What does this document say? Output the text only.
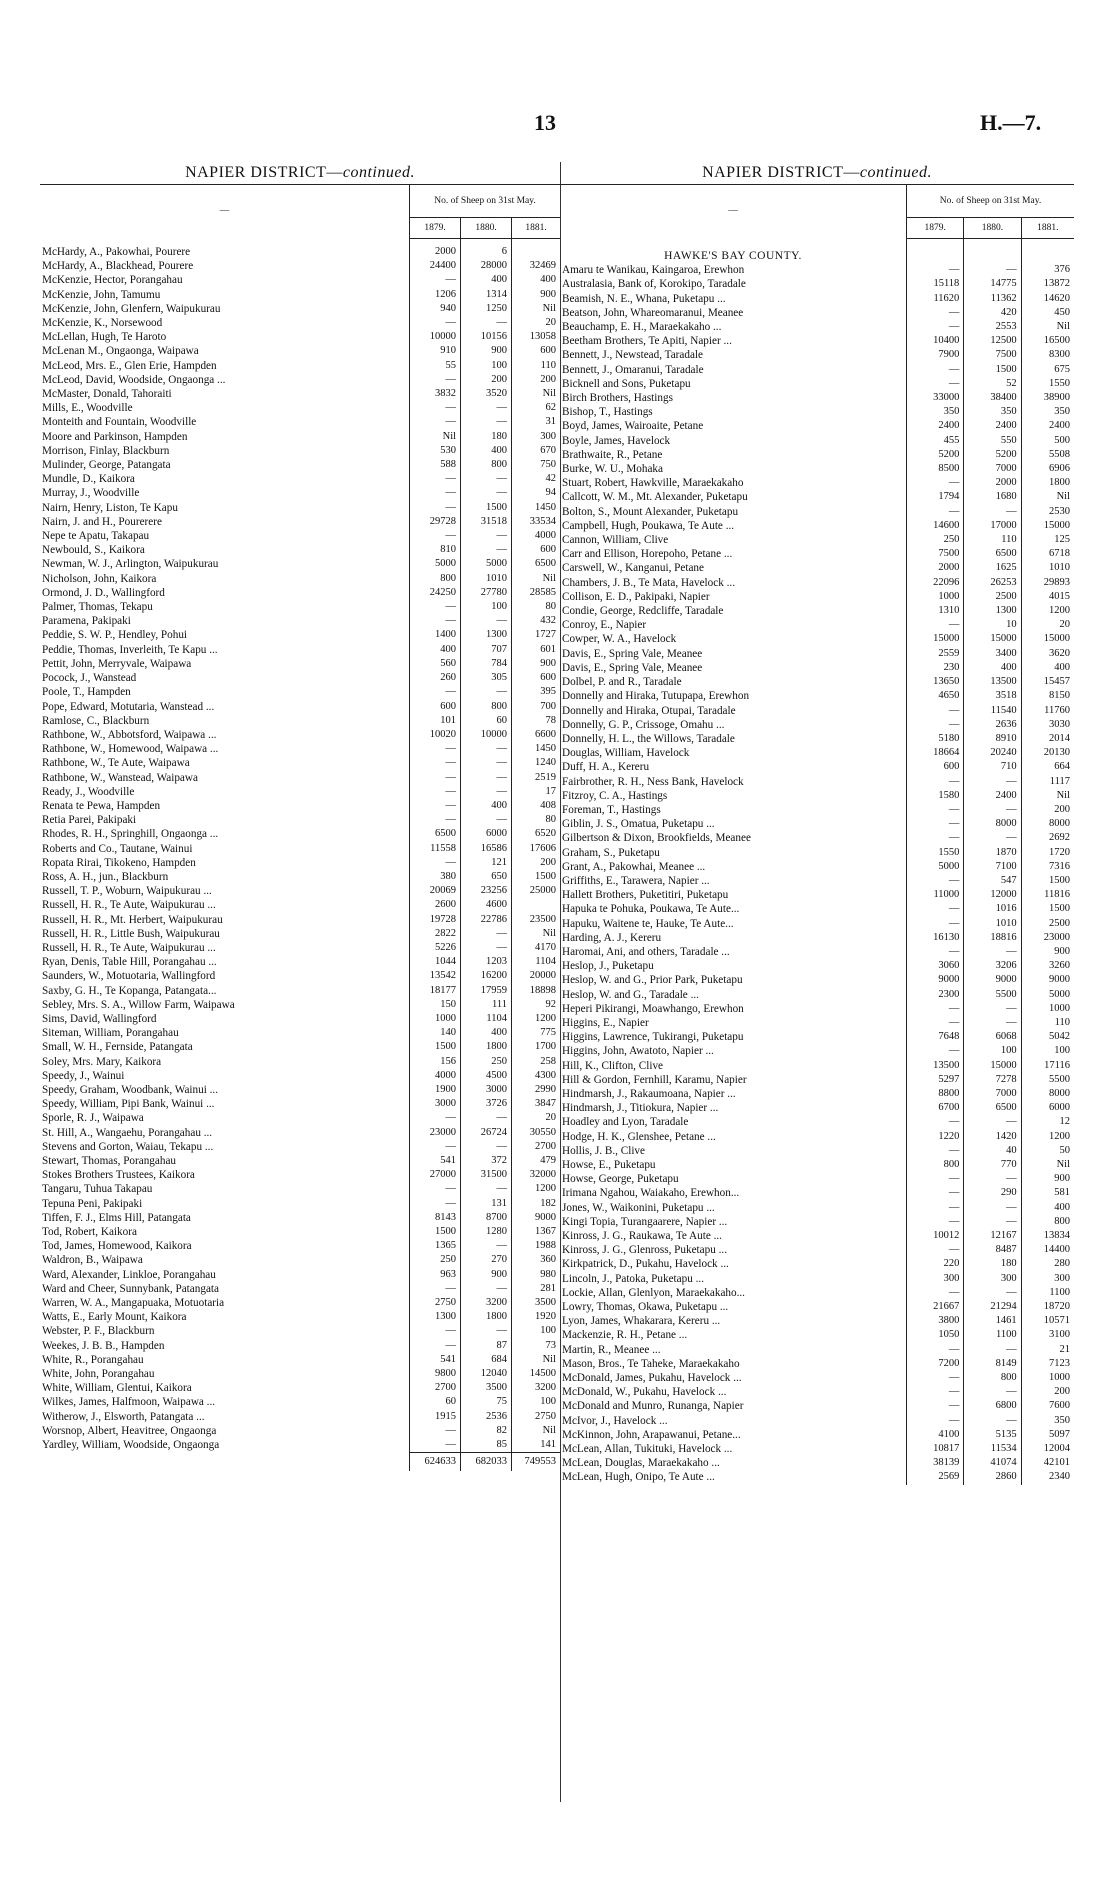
13	H.—7.
NAPIER DISTRICT—continued.
—	No. of Sheep on 31st May.		
	1879.	1880.	1881.

McHardy, A., Pakowhai, Pourere	2000	6	
McHardy, A., Blackhead, Pourere	24400	28000	32469
McKenzie, Hector, Porangahau	—	400	400
McKenzie, John, Tamumu	1206	1314	900
McKenzie, John, Glenfern, Waipukurau	940	1250	Nil
McKenzie, K., Norsewood	—	—	20
McLellan, Hugh, Te Haroto	10000	10156	13058
McLenan M., Ongaonga, Waipawa	910	900	600
McLeod, Mrs. E., Glen Erie, Hampden	55	100	110
McLeod, David, Woodside, Ongaonga ...	—	200	200
McMaster, Donald, Tahoraiti	3832	3520	Nil
Mills, E., Woodville	—	—	62
Monteith and Fountain, Woodville	—	—	31
Moore and Parkinson, Hampden	Nil	180	300
Morrison, Finlay, Blackburn	530	400	670
Mulinder, George, Patangata	588	800	750
Mundle, D., Kaikora	—	—	42
Murray, J., Woodville	—	—	94
Nairn, Henry, Liston, Te Kapu	—	1500	1450
Nairn, J. and H., Pourerere	29728	31518	33534
Nepe te Apatu, Takapau	—	—	4000
Newbould, S., Kaikora	810	—	600
Newman, W. J., Arlington, Waipukurau	5000	5000	6500
Nicholson, John, Kaikora	800	1010	Nil
Ormond, J. D., Wallingford	24250	27780	28585
Palmer, Thomas, Tekapu	—	100	80
Paramena, Pakipaki	—	—	432
Peddie, S. W. P., Hendley, Pohui	1400	1300	1727
Peddie, Thomas, Inverleith, Te Kapu ...	400	707	601
Pettit, John, Merryvale, Waipawa	560	784	900
Pocock, J., Wanstead	260	305	600
Poole, T., Hampden	—	—	395
Pope, Edward, Motutaria, Wanstead ...	600	800	700
Ramlose, C., Blackburn	101	60	78
Rathbone, W., Abbotsford, Waipawa ...	10020	10000	6600
Rathbone, W., Homewood, Waipawa ...	—	—	1450
Rathbone, W., Te Aute, Waipawa	—	—	1240
Rathbone, W., Wanstead, Waipawa	—	—	2519
Ready, J., Woodville	—	—	17
Renata te Pewa, Hampden	—	400	408
Retia Parei, Pakipaki	—	—	80
Rhodes, R. H., Springhill, Ongaonga ...	6500	6000	6520
Roberts and Co., Tautane, Wainui	11558	16586	17606
Ropata Rirai, Tikokeno, Hampden	—	121	200
Ross, A. H., jun., Blackburn	380	650	1500
Russell, T. P., Woburn, Waipukurau ...	20069	23256	25000
Russell, H. R., Te Aute, Waipukurau ...	2600	4600	
Russell, H. R., Mt. Herbert, Waipukurau	19728	22786	23500
Russell, H. R., Little Bush, Waipukurau	2822	—	Nil
Russell, H. R., Te Aute, Waipukurau ...	5226	—	4170
Ryan, Denis, Table Hill, Porangahau ...	1044	1203	1104
Saunders, W., Motuotaria, Wallingford	13542	16200	20000
Saxby, G. H., Te Kopanga, Patangata...	18177	17959	18898
Sebley, Mrs. S. A., Willow Farm, Waipawa	150	111	92
Sims, David, Wallingford	1000	1104	1200
Siteman, William, Porangahau	140	400	775
Small, W. H., Fernside, Patangata	1500	1800	1700
Soley, Mrs. Mary, Kaikora	156	250	258
Speedy, J., Wainui	4000	4500	4300
Speedy, Graham, Woodbank, Wainui ...	1900	3000	2990
Speedy, William, Pipi Bank, Wainui ...	3000	3726	3847
Sporle, R. J., Waipawa	—	—	20
St. Hill, A., Wangaehu, Porangahau ...	23000	26724	30550
Stevens and Gorton, Waiau, Tekapu ...	—	—	2700
Stewart, Thomas, Porangahau	541	372	479
Stokes Brothers Trustees, Kaikora	27000	31500	32000
Tangaru, Tuhua Takapau	—	—	1200
Tepuna Peni, Pakipaki	—	131	182
Tiffen, F. J., Elms Hill, Patangata	8143	8700	9000
Tod, Robert, Kaikora	1500	1280	1367
Tod, James, Homewood, Kaikora	1365	—	1988
Waldron, B., Waipawa	250	270	360
Ward, Alexander, Linkloe, Porangahau	963	900	980
Ward and Cheer, Sunnybank, Patangata	—	—	281
Warren, W. A., Mangapuaka, Motuotaria	2750	3200	3500
Watts, E., Early Mount, Kaikora	1300	1800	1920
Webster, P. F., Blackburn	—	—	100
Weekes, J. B. B., Hampden	—	87	73
White, R., Porangahau	541	684	Nil
White, John, Porangahau	9800	12040	14500
White, William, Glentui, Kaikora	2700	3500	3200
Wilkes, James, Halfmoon, Waipawa ...	60	75	100
Witherow, J., Elsworth, Patangata ...	1915	2536	2750
Worsnop, Albert, Heavitree, Ongaonga	—	82	Nil
Yardley, William, Woodside, Ongaonga	—	85	141
	624633	682033	749553
NAPIER DISTRICT—continued.
—	No. of Sheep on 31st May.		
	1879.	1880.	1881.

HAWKE'S BAY COUNTY.			
Amaru te Wanikau, Kaingaroa, Erewhon	—	—	376
Australasia, Bank of, Korokipo, Taradale	15118	14775	13872
Beamish, N. E., Whana, Puketapu ...	11620	11362	14620
Beatson, John, Whareomaranui, Meanee	—	420	450
Beauchamp, E. H., Maraekakaho ...	—	2553	Nil
Beetham Brothers, Te Apiti, Napier ...	10400	12500	16500
Bennett, J., Newstead, Taradale	7900	7500	8300
Bennett, J., Omaranui, Taradale	—	1500	675
Bicknell and Sons, Puketapu	—	52	1550
Birch Brothers, Hastings	33000	38400	38900
Bishop, T., Hastings	350	350	350
Boyd, James, Wairoaite, Petane	2400	2400	2400
Boyle, James, Havelock	455	550	500
Brathwaite, R., Petane	5200	5200	5508
Burke, W. U., Mohaka	8500	7000	6906
Stuart, Robert, Hawkville, Maraekakaho	—	2000	1800
Callcott, W. M., Mt. Alexander, Puketapu	1794	1680	Nil
Bolton, S., Mount Alexander, Puketapu	—	—	2530
Campbell, Hugh, Poukawa, Te Aute ...	14600	17000	15000
Cannon, William, Clive	250	110	125
Carr and Ellison, Horepoho, Petane ...	7500	6500	6718
Carswell, W., Kanganui, Petane	2000	1625	1010
Chambers, J. B., Te Mata, Havelock ...	22096	26253	29893
Collison, E. D., Pakipaki, Napier	1000	2500	4015
Condie, George, Redcliffe, Taradale	1310	1300	1200
Conroy, E., Napier	—	10	20
Cowper, W. A., Havelock	15000	15000	15000
Davis, E., Spring Vale, Meanee	2559	3400	3620
Davis, E., Spring Vale, Meanee	230	400	400
Dolbel, P. and R., Taradale	13650	13500	15457
Donnelly and Hiraka, Tutupapa, Erewhon	4650	3518	8150
Donnelly and Hiraka, Otupai, Taradale	—	11540	11760
Donnelly, G. P., Crissoge, Omahu ...	—	2636	3030
Donnelly, H. L., the Willows, Taradale	5180	8910	2014
Douglas, William, Havelock	18664	20240	20130
Duff, H. A., Kereru	600	710	664
Fairbrother, R. H., Ness Bank, Havelock	—	—	1117
Fitzroy, C. A., Hastings	1580	2400	Nil
Foreman, T., Hastings	—	—	200
Giblin, J. S., Omatua, Puketapu ...	—	8000	8000
Gilbertson & Dixon, Brookfields, Meanee	—	—	2692
Graham, S., Puketapu	1550	1870	1720
Grant, A., Pakowhai, Meanee ...	5000	7100	7316
Griffiths, E., Tarawera, Napier ...	—	547	1500
Hallett Brothers, Puketitiri, Puketapu	11000	12000	11816
Hapuka te Pohuka, Poukawa, Te Aute...	—	1016	1500
Hapuku, Waitene te, Hauke, Te Aute...	—	1010	2500
Harding, A. J., Kereru	16130	18816	23000
Haromai, Ani, and others, Taradale ...	—	—	900
Heslop, J., Puketapu	3060	3206	3260
Heslop, W. and G., Prior Park, Puketapu	9000	9000	9000
Heslop, W. and G., Taradale ...	2300	5500	5000
Heperi Pikirangi, Moawhango, Erewhon	—	—	1000
Higgins, E., Napier	—	—	110
Higgins, Lawrence, Tukirangi, Puketapu	7648	6068	5042
Higgins, John, Awatoto, Napier ...	—	100	100
Hill, K., Clifton, Clive	13500	15000	17116
Hill & Gordon, Fernhill, Karamu, Napier	5297	7278	5500
Hindmarsh, J., Rakaumoana, Napier ...	8800	7000	8000
Hindmarsh, J., Titiokura, Napier ...	6700	6500	6000
Hoadley and Lyon, Taradale	—	—	12
Hodge, H. K., Glenshee, Petane ...	1220	1420	1200
Hollis, J. B., Clive	—	40	50
Howse, E., Puketapu	800	770	Nil
Howse, George, Puketapu	—	—	900
Irimana Ngahou, Waiakaho, Erewhon...	—	290	581
Jones, W., Waikonini, Puketapu ...	—	—	400
Kingi Topia, Turangaarere, Napier ...	—	—	800
Kinross, J. G., Raukawa, Te Aute ...	10012	12167	13834
Kinross, J. G., Glenross, Puketapu ...	—	8487	14400
Kirkpatrick, D., Pukahu, Havelock ...	220	180	280
Lincoln, J., Patoka, Puketapu ...	300	300	300
Lockie, Allan, Glenlyon, Maraekakaho...	—	—	1100
Lowry, Thomas, Okawa, Puketapu ...	21667	21294	18720
Lyon, James, Whakarara, Kereru ...	3800	1461	10571
Mackenzie, R. H., Petane ...	1050	1100	3100
Martin, R., Meanee ...	—	—	21
Mason, Bros., Te Taheke, Maraekakaho	7200	8149	7123
McDonald, James, Pukahu, Havelock ...	—	800	1000
McDonald, W., Pukahu, Havelock ...	—	—	200
McDonald and Munro, Runanga, Napier	—	6800	7600
McIvor, J., Havelock ...	—	—	350
McKinnon, John, Arapawanui, Petane...	4100	5135	5097
McLean, Allan, Tukituki, Havelock ...	10817	11534	12004
McLean, Douglas, Maraekakaho ...	38139	41074	42101
McLean, Hugh, Onipo, Te Aute ...	2569	2860	2340
